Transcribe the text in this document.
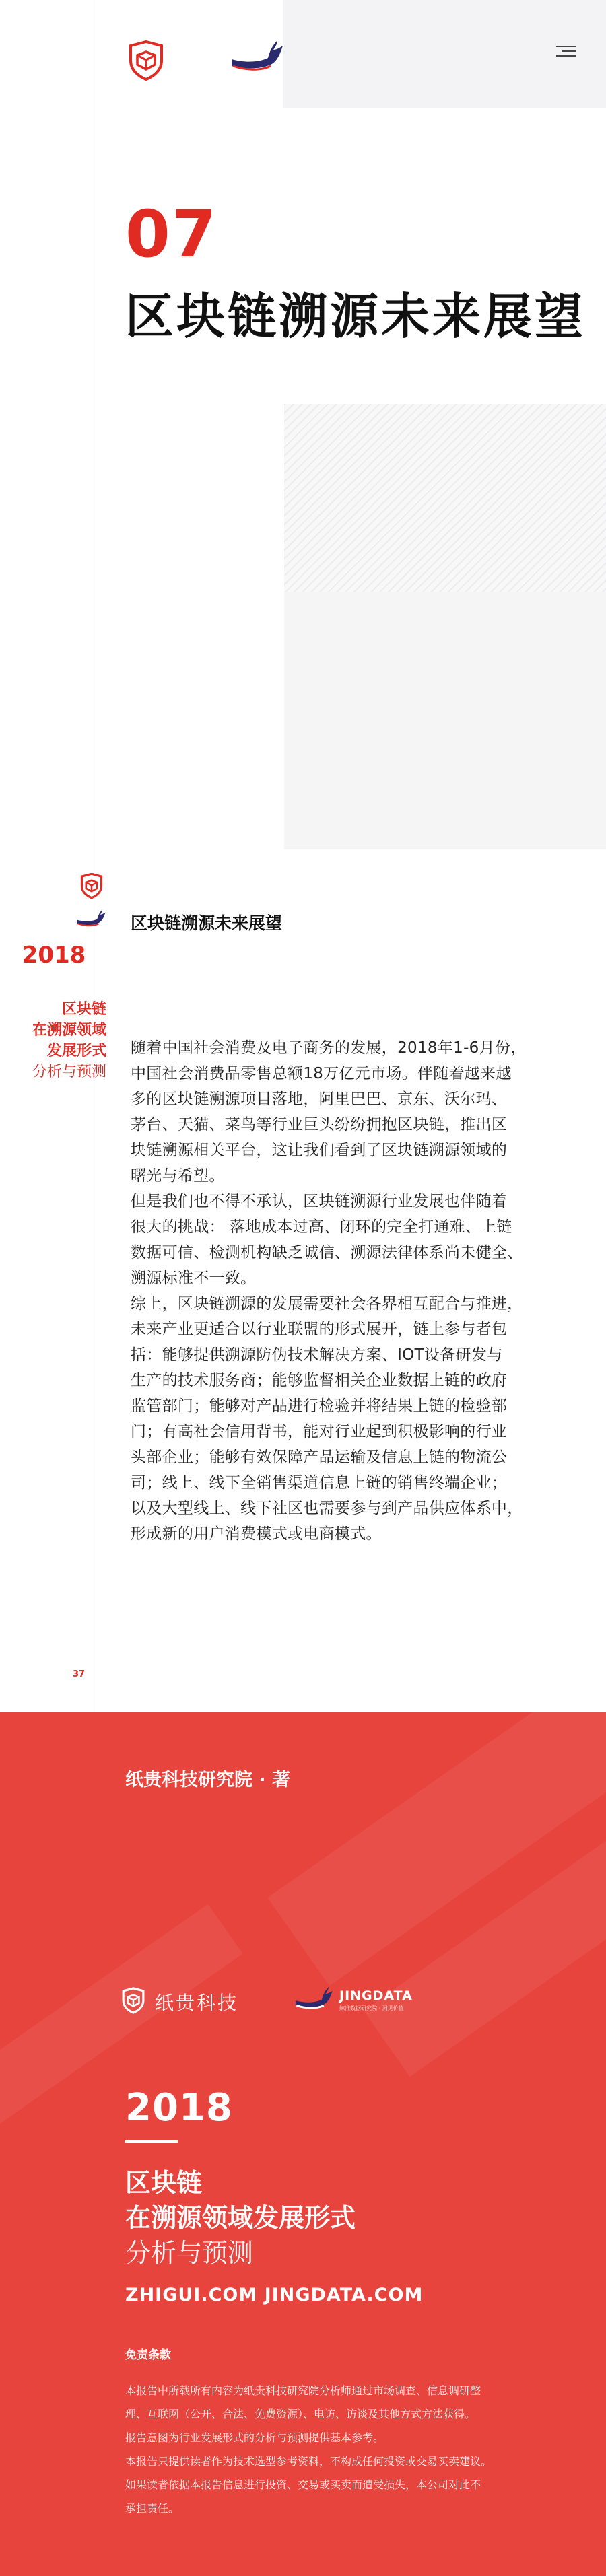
07
区块链溯源未来展望
2018
区块链
在溯源领域
发展形式
分析与预测
区块链溯源未来展望
随着中国社会消费及电子商务的发展，2018年1-6月份，
中国社会消费品零售总额18万亿元市场。伴随着越来越
多的区块链溯源项目落地，阿里巴巴、京东、沃尔玛、
茅台、天猫、菜鸟等行业巨头纷纷拥抱区块链，推出区
块链溯源相关平台，这让我们看到了区块链溯源领域的
曙光与希望。
但是我们也不得不承认，区块链溯源行业发展也伴随着
很大的挑战： 落地成本过高、闭环的完全打通难、上链
数据可信、检测机构缺乏诚信、溯源法律体系尚未健全、
溯源标准不一致。
综上，区块链溯源的发展需要社会各界相互配合与推进，
未来产业更适合以行业联盟的形式展开，链上参与者包
括：能够提供溯源防伪技术解决方案、IOT设备研发与
生产的技术服务商；能够监督相关企业数据上链的政府
监管部门；能够对产品进行检验并将结果上链的检验部
门；有高社会信用背书，能对行业起到积极影响的行业
头部企业；能够有效保障产品运输及信息上链的物流公
司；线上、线下全销售渠道信息上链的销售终端企业；
以及大型线上、线下社区也需要参与到产品供应体系中，
形成新的用户消费模式或电商模式。
37
纸贵科技研究院 · 著
纸贵科技	JINGDATA
鲸准数据研究院 · 洞见价值
2018
区块链
在溯源领域发展形式
分析与预测
ZHIGUI.COM JINGDATA.COM
免责条款
本报告中所载所有内容为纸贵科技研究院分析师通过市场调查、信息调研整
理、互联网（公开、合法、免费资源）、电访、访谈及其他方式方法获得。
报告意图为行业发展形式的分析与预测提供基本参考。
本报告只提供读者作为技术选型参考资料，不构成任何投资或交易买卖建议。
如果读者依据本报告信息进行投资、交易或买卖而遭受损失，本公司对此不
承担责任。
